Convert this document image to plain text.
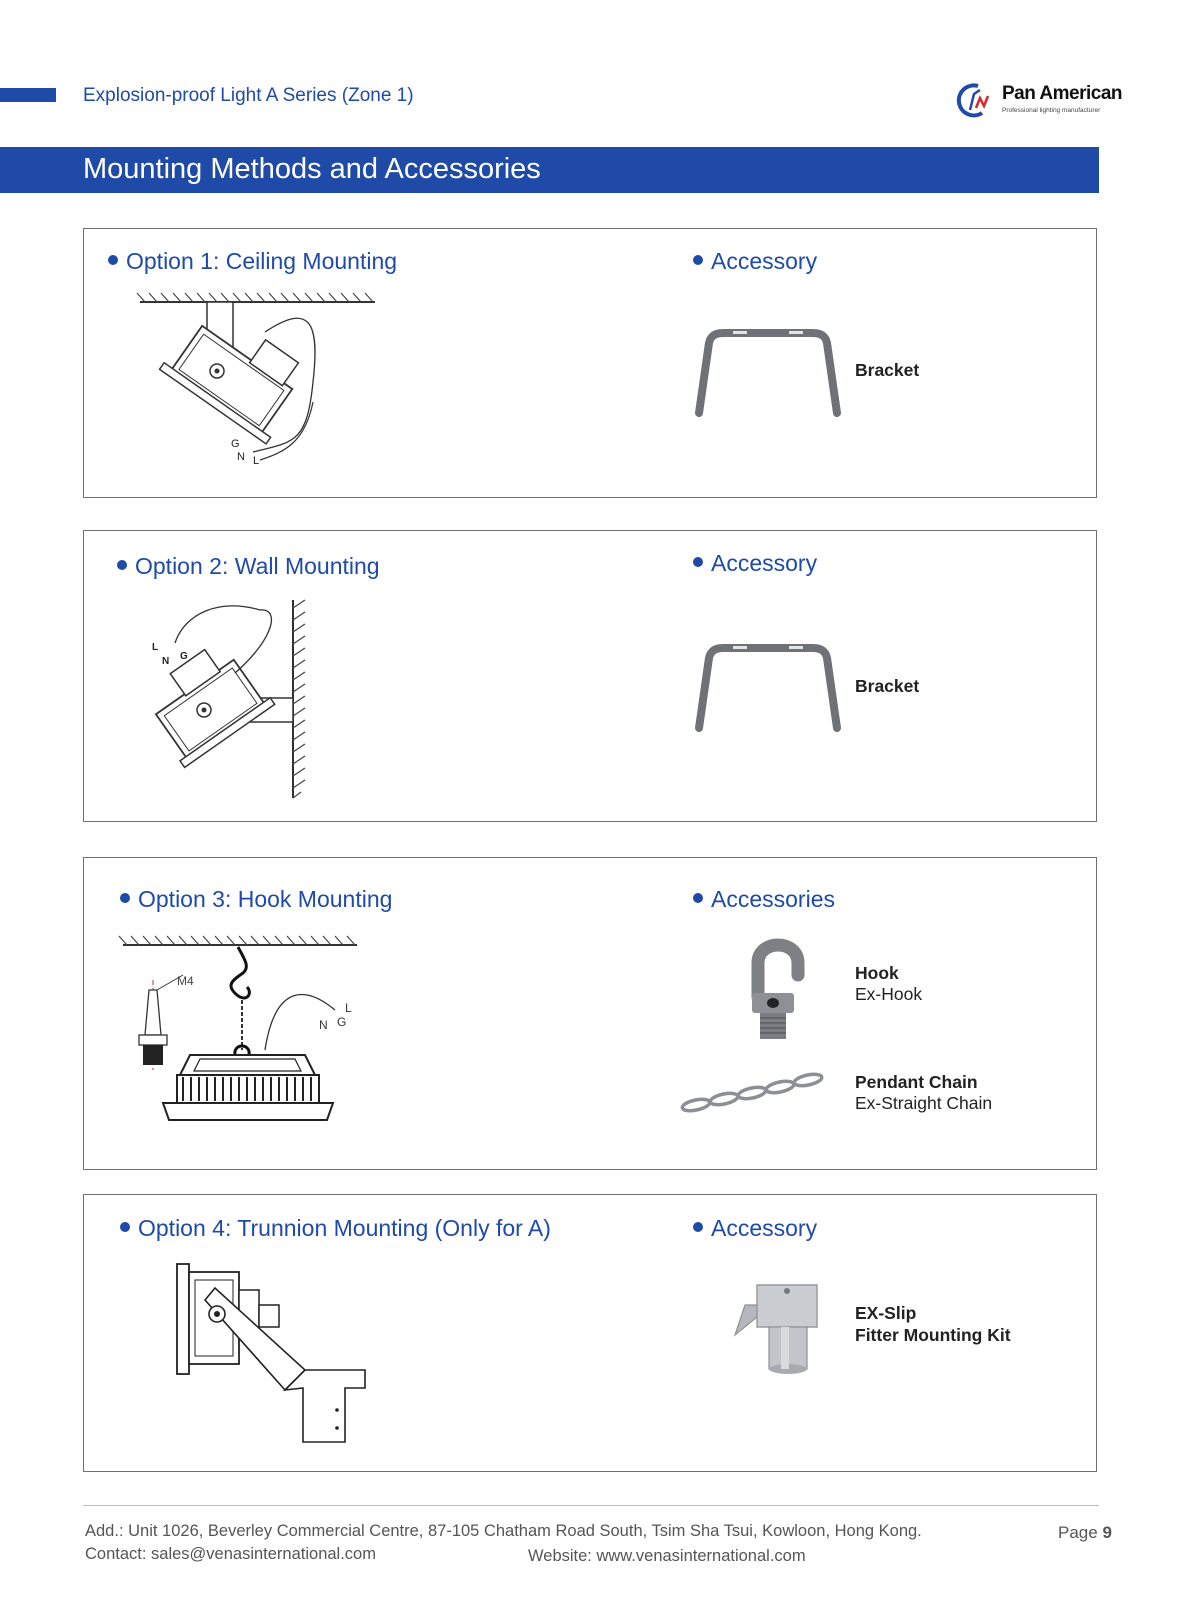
Explosion-proof Light A Series (Zone 1)	Pan American
Professional lighting manufacturer
Mounting Methods and Accessories
Option 1: Ceiling Mounting	Accessory
G
N L
Bracket
Option 2: Wall Mounting	Accessory
L
N G
Bracket
Option 3: Hook Mounting	Accessories
M4
L
N G
Hook
Ex-Hook
Pendant Chain
Ex-Straight Chain
Option 4: Trunnion Mounting (Only for A)	Accessory
EX-Slip
Fitter Mounting Kit
Add.: Unit 1026, Beverley Commercial Centre, 87-105 Chatham Road South, Tsim Sha Tsui, Kowloon, Hong Kong.
Contact: sales@venasinternational.com	Website: www.venasinternational.com
Page 9
